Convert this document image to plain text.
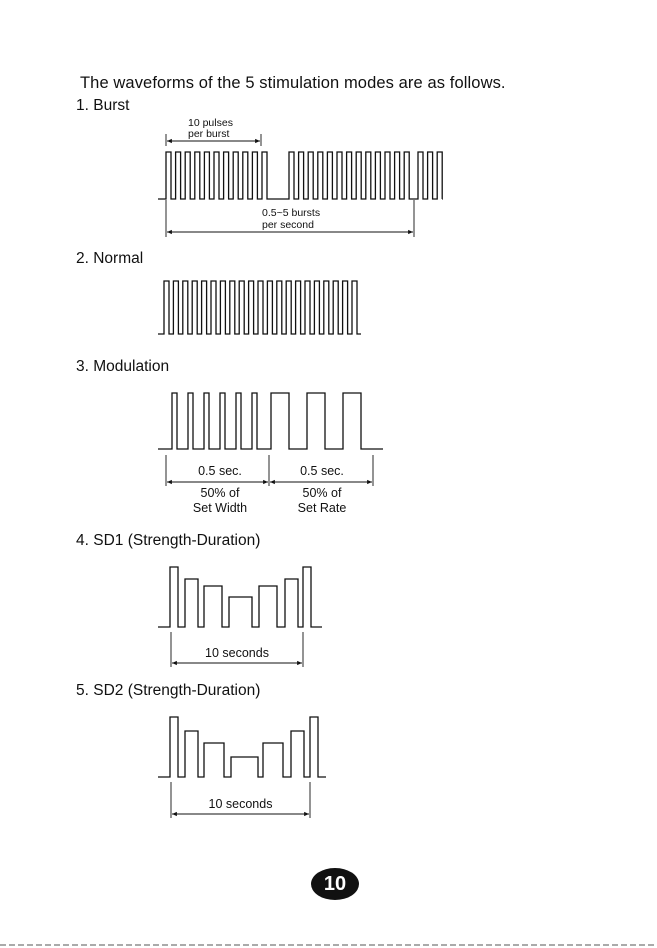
The waveforms of the 5 stimulation modes are as follows.
1. Burst
10 pulses
per burst
0.5~5 bursts
per second
2. Normal
3. Modulation
0.5 sec.	0.5 sec.
50% of
Set Width
50% of
Set Rate
4. SD1 (Strength-Duration)
10 seconds
5. SD2 (Strength-Duration)
10 seconds
10
